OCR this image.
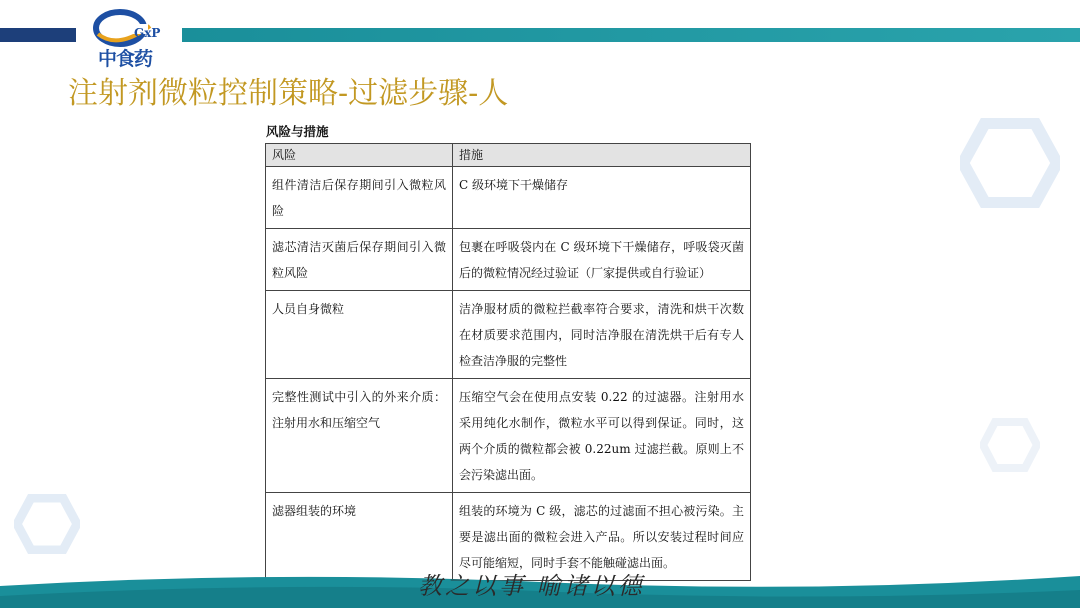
GxP
中食药
注射剂微粒控制策略-过滤步骤-人
风险与措施
风险	措施
组件清洁后保存期间引入微粒风险	C 级环境下干燥储存
滤芯清洁灭菌后保存期间引入微粒风险	包裹在呼吸袋内在 C 级环境下干燥储存，呼吸袋灭菌后的微粒情况经过验证（厂家提供或自行验证）
人员自身微粒	洁净服材质的微粒拦截率符合要求，清洗和烘干次数在材质要求范围内，同时洁净服在清洗烘干后有专人检查洁净服的完整性
完整性测试中引入的外来介质：注射用水和压缩空气	压缩空气会在使用点安装 0.22 的过滤器。注射用水采用纯化水制作，微粒水平可以得到保证。同时，这两个介质的微粒都会被 0.22um 过滤拦截。原则上不会污染滤出面。
滤器组装的环境	组装的环境为 C 级，滤芯的过滤面不担心被污染。主要是滤出面的微粒会进入产品。所以安装过程时间应尽可能缩短，同时手套不能触碰滤出面。
教之以事 喻诸以德
